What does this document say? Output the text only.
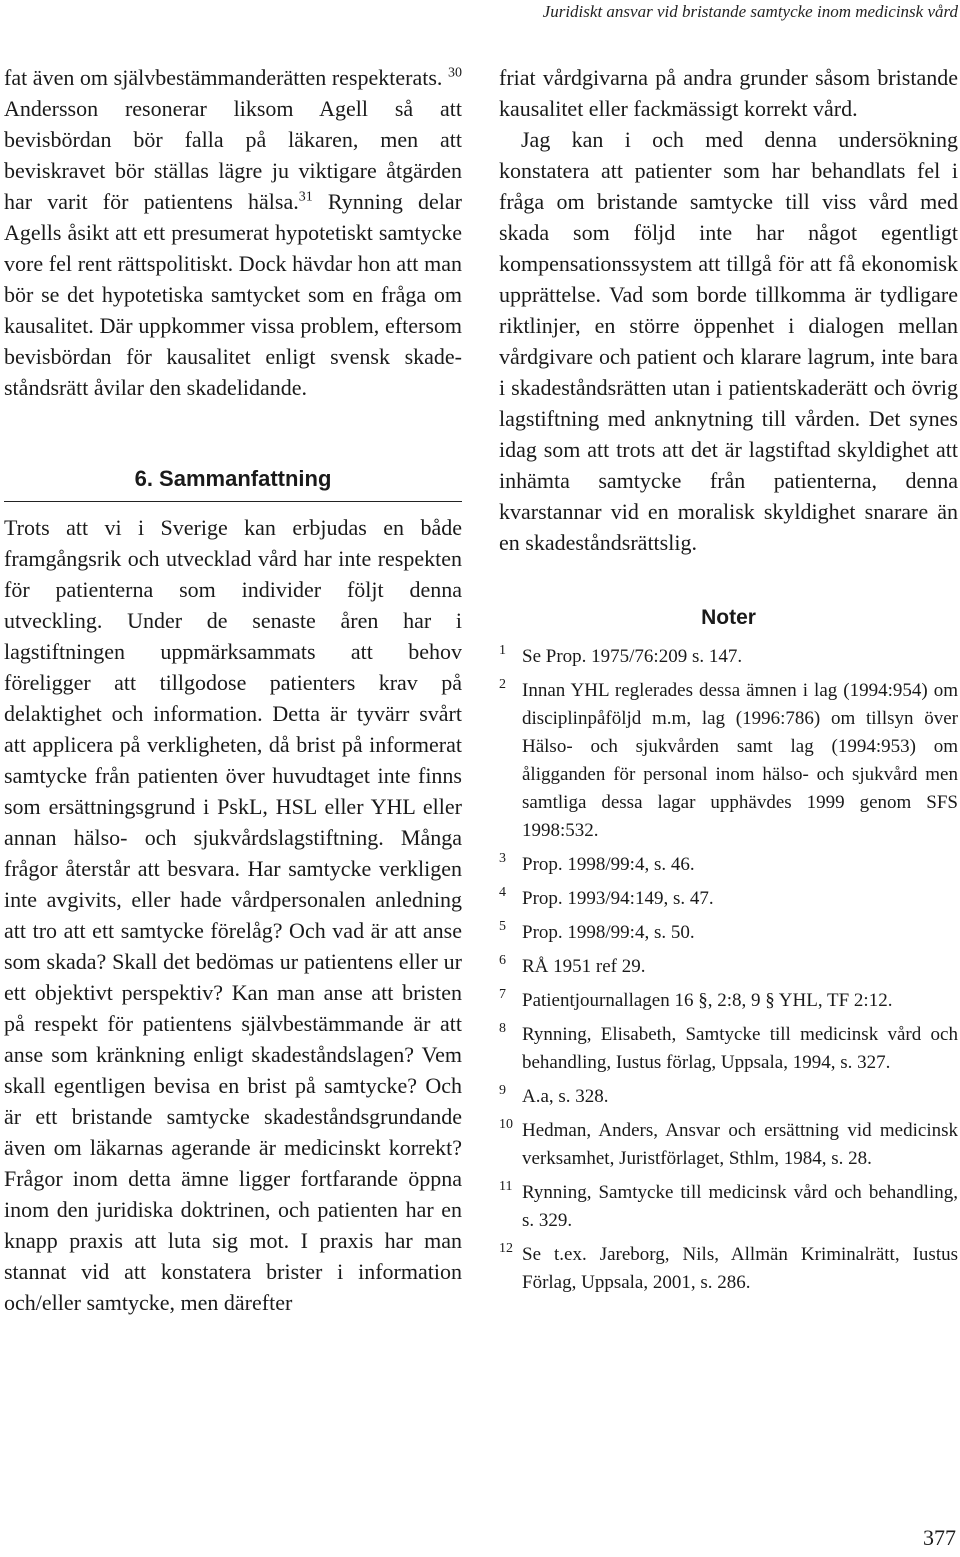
Juridiskt ansvar vid bristande samtycke inom medicinsk vård

fat även om självbestämmanderätten respekterats. $^{30}$ Andersson resonerar liksom Agell så att bevisbördan bör falla på läkaren, men att beviskravet bör ställas lägre ju viktigare åtgärden har varit för patientens hälsa.$^{31}$ Rynning delar Agells åsikt att ett presumerat hypotetiskt samtycke vore fel rent rättspolitiskt. Dock hävdar hon att man bör se det hypotetiska samtycket som en fråga om kausalitet. Där uppkommer vissa problem, eftersom bevisbördan för kausalitet enligt svensk skadeståndsrätt åvilar den skadelidande.

6. Sammanfattning

Trots att vi i Sverige kan erbjudas en både framgångsrik och utvecklad vård har inte respekten för patienterna som individer följt denna utveckling. Under de senaste åren har i lagstiftningen uppmärksammats att behov föreligger att tillgodose patienters krav på delaktighet och information. Detta är tyvärr svårt att applicera på verkligheten, då brist på informerat samtycke från patienten över huvudtaget inte finns som ersättningsgrund i PskL, HSL eller YHL eller annan hälso- och sjukvårdslagstiftning. Många frågor återstår att besvara. Har samtycke verkligen inte avgivits, eller hade vårdpersonalen anledning att tro att ett samtycke förelåg? Och vad är att anse som skada? Skall det bedömas ur patientens eller ur ett objektivt perspektiv? Kan man anse att bristen på respekt för patientens självbestämmande är att anse som kränkning enligt skadeståndslagen? Vem skall egentligen bevisa en brist på samtycke? Och är ett bristande samtycke skadeståndsgrundande även om läkarnas agerande är medicinskt korrekt? Frågor inom detta ämne ligger fortfarande öppna inom den juridiska doktrinen, och patienten har en knapp praxis att luta sig mot. I praxis har man stannat vid att konstatera brister i information och/eller samtycke, men därefter

friat vårdgivarna på andra grunder såsom bristande kausalitet eller fackmässigt korrekt vård.

Jag kan i och med denna undersökning konstatera att patienter som har behandlats fel i fråga om bristande samtycke till viss vård med skada som följd inte har något egentligt kompensationssystem att tillgå för att få ekonomisk upprättelse. Vad som borde tillkomma är tydligare riktlinjer, en större öppenhet i dialogen mellan vårdgivare och patient och klarare lagrum, inte bara i skadeståndsrätten utan i patientskaderätt och övrig lagstiftning med anknytning till vården. Det synes idag som att trots att det är lagstiftad skyldighet att inhämta samtycke från patienterna, denna kvarstannar vid en moralisk skyldighet snarare än en skadeståndsrättslig.

Noter
1 Se Prop. 1975/76:209 s. 147.
2 Innan YHL reglerades dessa ämnen i lag (1994:954) om disciplinpåföljd m.m, lag (1996:786) om tillsyn över Hälso- och sjukvården samt lag (1994:953) om åligganden för personal inom hälso- och sjukvård men samtliga dessa lagar upphävdes 1999 genom SFS 1998:532.
3 Prop. 1998/99:4, s. 46.
4 Prop. 1993/94:149, s. 47.
5 Prop. 1998/99:4, s. 50.
6 RÅ 1951 ref 29.
7 Patientjournallagen 16 §, 2:8, 9 § YHL, TF 2:12.
8 Rynning, Elisabeth, Samtycke till medicinsk vård och behandling, Iustus förlag, Uppsala, 1994, s. 327.
9 A.a, s. 328.
10 Hedman, Anders, Ansvar och ersättning vid medicinsk verksamhet, Juristförlaget, Sthlm, 1984, s. 28.
11 Rynning, Samtycke till medicinsk vård och behandling, s. 329.
12 Se t.ex. Jareborg, Nils, Allmän Kriminalrätt, Iustus Förlag, Uppsala, 2001, s. 286.
377
